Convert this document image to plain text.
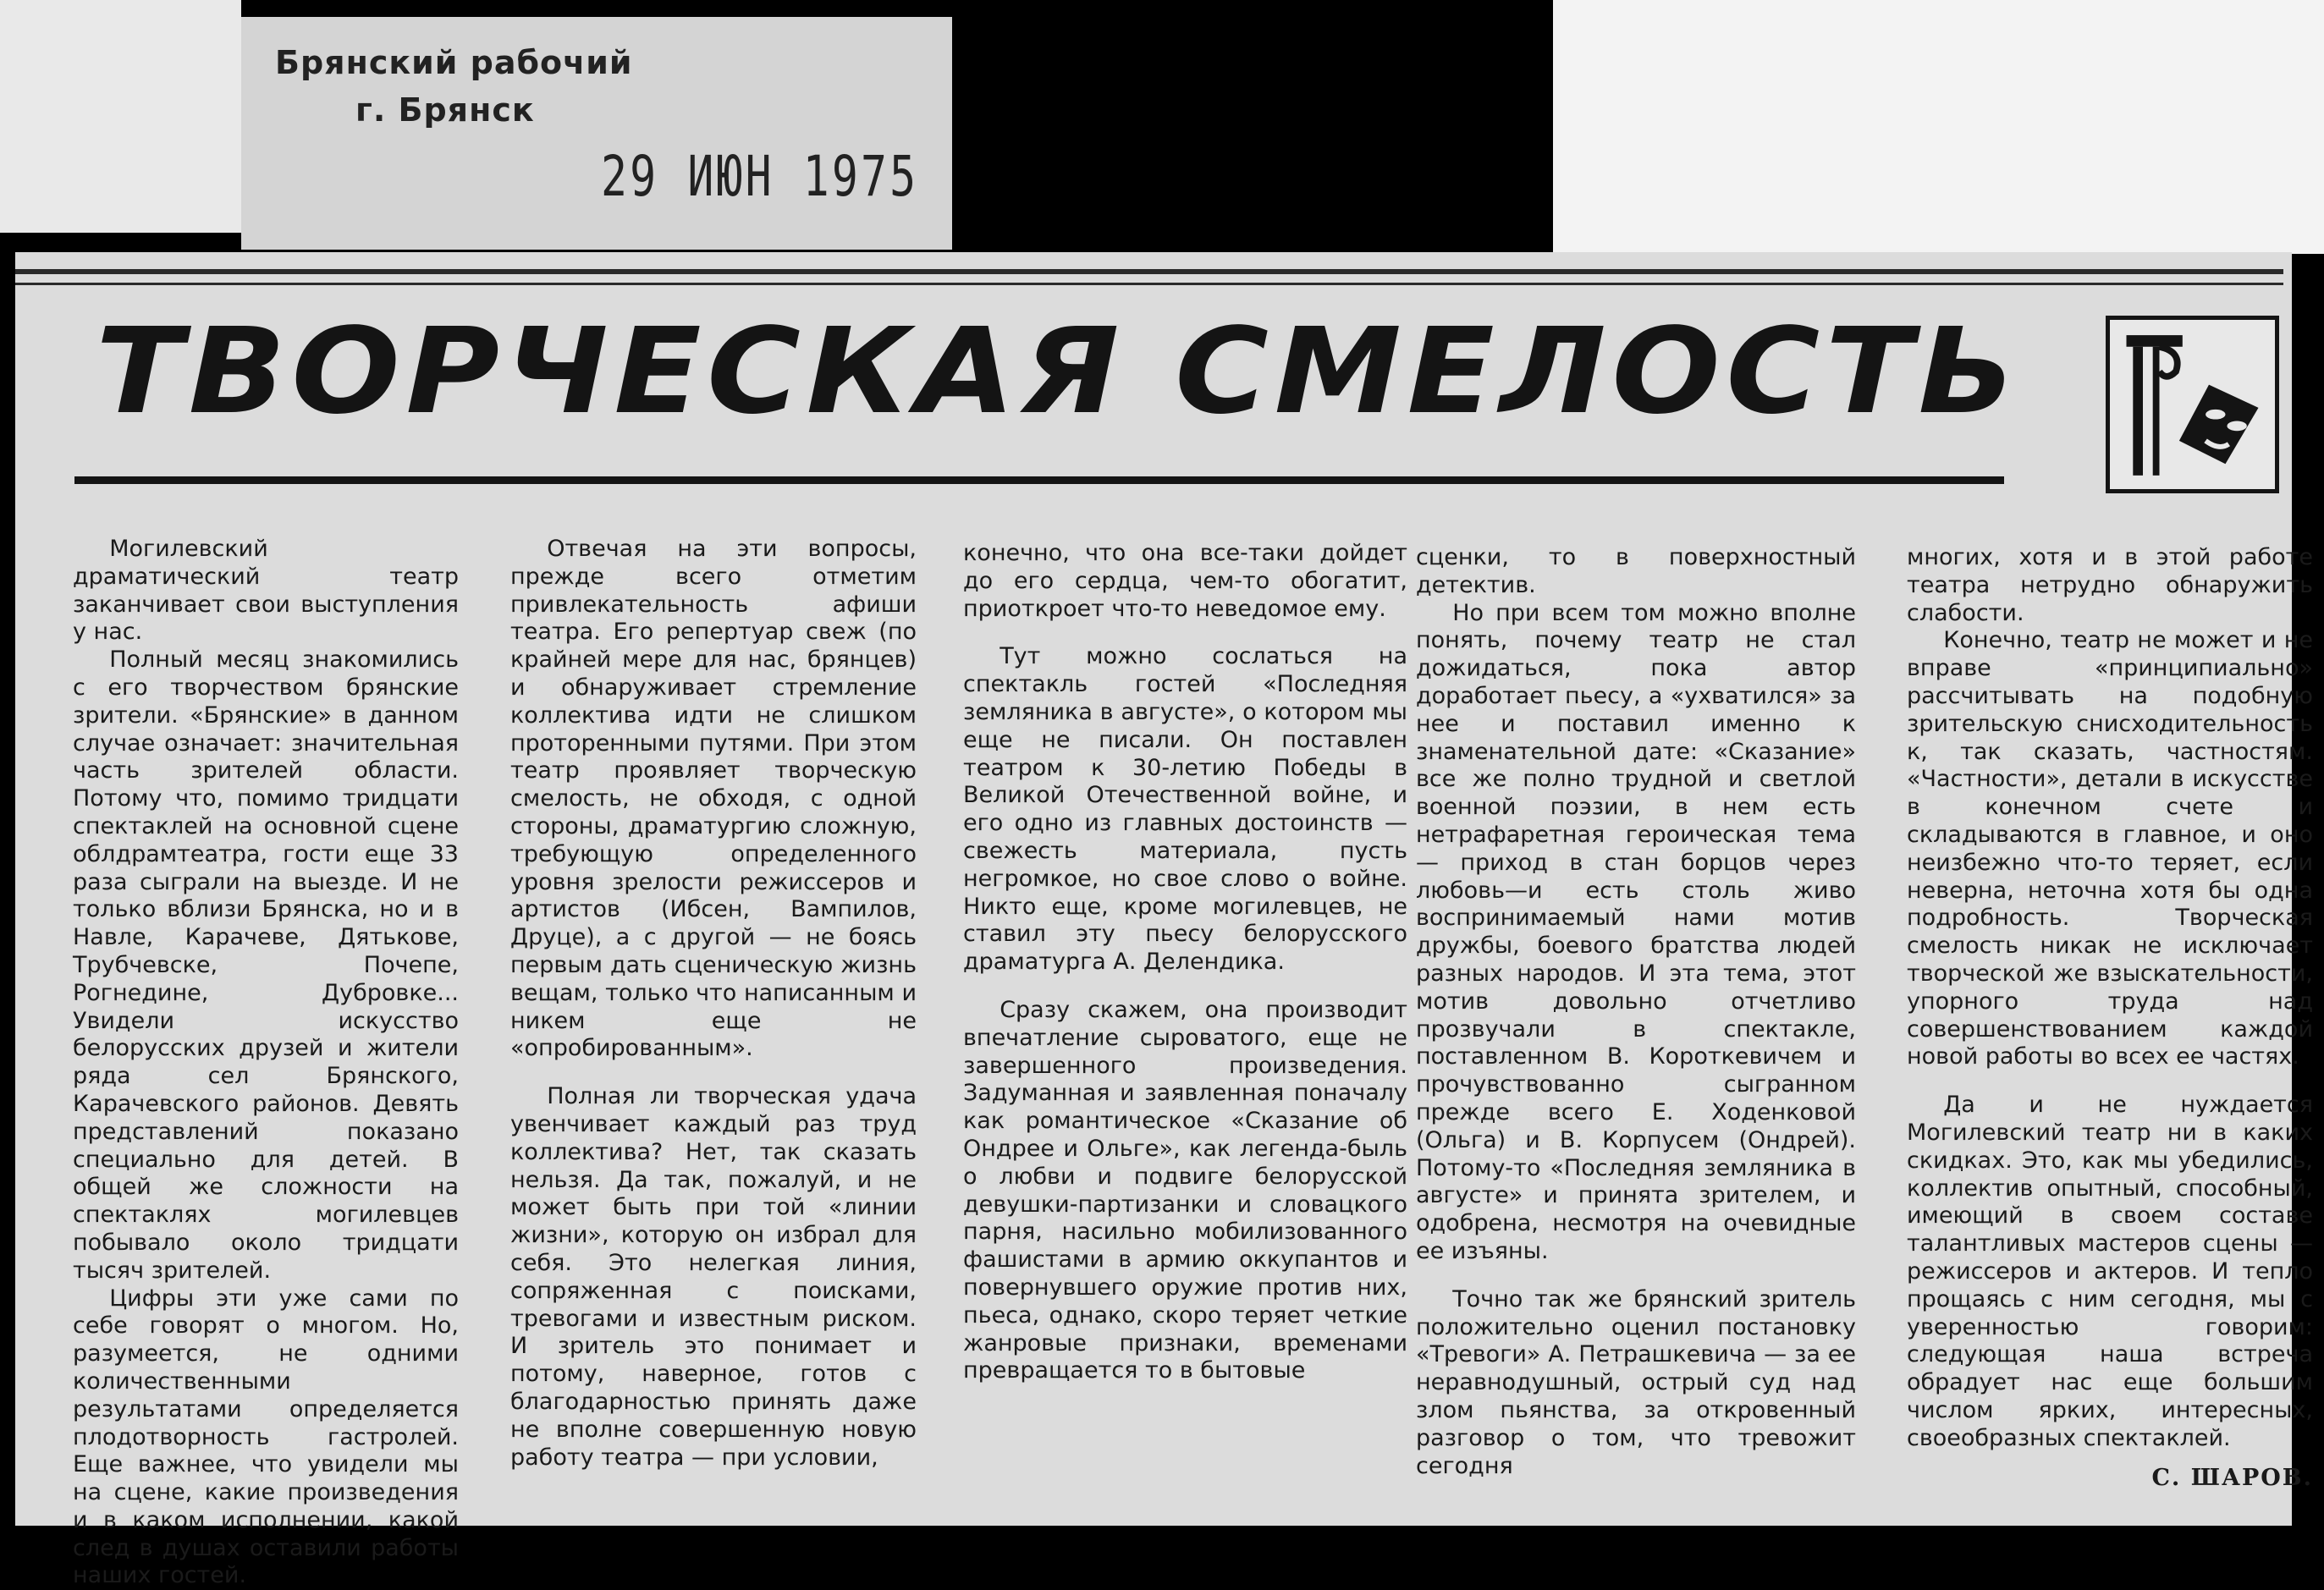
Брянский рабочий
г. Брянск
29 ИЮН 1975
ТВОРЧЕСКАЯ СМЕЛОСТЬ

Могилевский драматический театр заканчивает свои выступления у нас.

Полный месяц знакомились с его творчеством брянские зрители. «Брянские» в данном случае означает: значительная часть зрителей области. Потому что, помимо тридцати спектаклей на основной сцене облдрамтеатра, гости еще 33 раза сыграли на выезде. И не только вблизи Брянска, но и в Навле, Карачеве, Дятькове, Трубчевске, Почепе, Рогнедине, Дубровке... Увидели искусство белорусских друзей и жители ряда сел Брянского, Карачевского районов. Девять представлений показано специально для детей. В общей же сложности на спектаклях могилевцев побывало около тридцати тысяч зрителей.

Цифры эти уже сами по себе говорят о многом. Но, разумеется, не одними количественными результатами определяется плодотворность гастролей. Еще важнее, что увидели мы на сцене, какие произведения и в каком исполнении, какой след в душах оставили работы наших гостей.

Отвечая на эти вопросы, прежде всего отметим привлекательность афиши театра. Его репертуар свеж (по крайней мере для нас, брянцев) и обнаруживает стремление коллектива идти не слишком проторенными путями. При этом театр проявляет творческую смелость, не обходя, с одной стороны, драматургию сложную, требующую определенного уровня зрелости режиссеров и артистов (Ибсен, Вампилов, Друце), а с другой — не боясь первым дать сценическую жизнь вещам, только что написанным и никем еще не «опробированным».

Полная ли творческая удача увенчивает каждый раз труд коллектива? Нет, так сказать нельзя. Да так, пожалуй, и не может быть при той «линии жизни», которую он избрал для себя. Это нелегкая линия, сопряженная с поисками, тревогами и известным риском. И зритель это понимает и потому, наверное, готов с благодарностью принять даже не вполне совершенную новую работу театра — при условии,

конечно, что она все-таки дойдет до его сердца, чем-то обогатит, приоткроет что-то неведомое ему.

Тут можно сослаться на спектакль гостей «Последняя земляника в августе», о котором мы еще не писали. Он поставлен театром к 30-летию Победы в Великой Отечественной войне, и его одно из главных достоинств — свежесть материала, пусть негромкое, но свое слово о войне. Никто еще, кроме могилевцев, не ставил эту пьесу белорусского драматурга А. Делендика.

Сразу скажем, она производит впечатление сыроватого, еще не завершенного произведения. Задуманная и заявленная поначалу как романтическое «Сказание об Ондрее и Ольге», как легенда-быль о любви и подвиге белорусской девушки-партизанки и словацкого парня, насильно мобилизованного фашистами в армию оккупантов и повернувшего оружие против них, пьеса, однако, скоро теряет четкие жанровые признаки, временами превращается то в бытовые

сценки, то в поверхностный детектив.

Но при всем том можно вполне понять, почему театр не стал дожидаться, пока автор доработает пьесу, а «ухватился» за нее и поставил именно к знаменательной дате: «Сказание» все же полно трудной и светлой военной поэзии, в нем есть нетрафаретная героическая тема — приход в стан борцов через любовь—и есть столь живо воспринимаемый нами мотив дружбы, боевого братства людей разных народов. И эта тема, этот мотив довольно отчетливо прозвучали в спектакле, поставленном В. Короткевичем и прочувствованно сыгранном прежде всего Е. Ходенковой (Ольга) и В. Корпусем (Ондрей). Потому-то «Последняя земляника в августе» и принята зрителем, и одобрена, несмотря на очевидные ее изъяны.

Точно так же брянский зритель положительно оценил постановку «Тревоги» А. Петрашкевича — за ее неравнодушный, острый суд над злом пьянства, за откровенный разговор о том, что тревожит сегодня

многих, хотя и в этой работе театра нетрудно обнаружить слабости.

Конечно, театр не может и не вправе «принципиально» рассчитывать на подобную зрительскую снисходительность к, так сказать, частностям. «Частности», детали в искусстве в конечном счете и складываются в главное, и оно неизбежно что-то теряет, если неверна, неточна хотя бы одна подробность. Творческая смелость никак не исключает творческой же взыскательности, упорного труда над совершенствованием каждой новой работы во всех ее частях.

Да и не нуждается Могилевский театр ни в каких скидках. Это, как мы убедились, коллектив опытный, способный, имеющий в своем составе талантливых мастеров сцены — режиссеров и актеров. И тепло прощаясь с ним сегодня, мы с уверенностью говорим: следующая наша встреча обрадует нас еще большим числом ярких, интересных, своеобразных спектаклей.

С. ШАРОВ.
